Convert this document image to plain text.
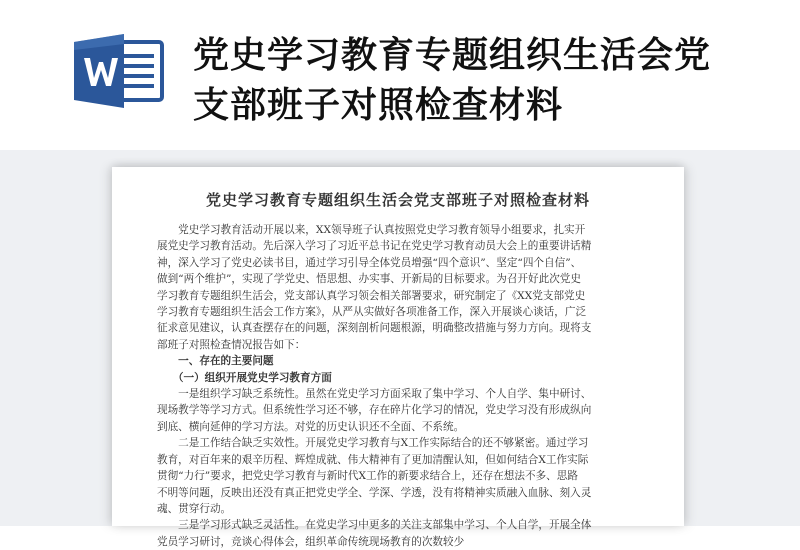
党史学习教育专题组织生活会党
支部班子对照检查材料
党史学习教育专题组织生活会党支部班子对照检查材料

　　党史学习教育活动开展以来，XX领导班子认真按照党史学习教育领导小组要求，扎实开

展党史学习教育活动。先后深入学习了习近平总书记在党史学习教育动员大会上的重要讲话精

神，深入学习了党史必读书目，通过学习引导全体党员增强“四个意识”、坚定“四个自信”、

做到“两个维护”，实现了学党史、悟思想、办实事、开新局的目标要求。为召开好此次党史

学习教育专题组织生活会，党支部认真学习领会相关部署要求，研究制定了《XX党支部党史

学习教育专题组织生活会工作方案》，从严从实做好各项准备工作，深入开展谈心谈话，广泛

征求意见建议，认真查摆存在的问题，深刻剖析问题根源，明确整改措施与努力方向。现将支

部班子对照检查情况报告如下：

　　一、存在的主要问题

　　（一）组织开展党史学习教育方面

　　一是组织学习缺乏系统性。虽然在党史学习方面采取了集中学习、个人自学、集中研讨、

现场教学等学习方式。但系统性学习还不够，存在碎片化学习的情况，党史学习没有形成纵向

到底、横向延伸的学习方法。对党的历史认识还不全面、不系统。

　　二是工作结合缺乏实效性。开展党史学习教育与X工作实际结合的还不够紧密。通过学习

教育，对百年来的艰辛历程、辉煌成就、伟大精神有了更加清醒认知，但如何结合X工作实际

贯彻“力行”要求，把党史学习教育与新时代X工作的新要求结合上，还存在想法不多、思路

不明等问题，反映出还没有真正把党史学全、学深、学透，没有将精神实质融入血脉、刻入灵

魂、贯穿行动。

　　三是学习形式缺乏灵活性。在党史学习中更多的关注支部集中学习、个人自学，开展全体

党员学习研讨，竞谈心得体会，组织革命传统现场教育的次数较少
